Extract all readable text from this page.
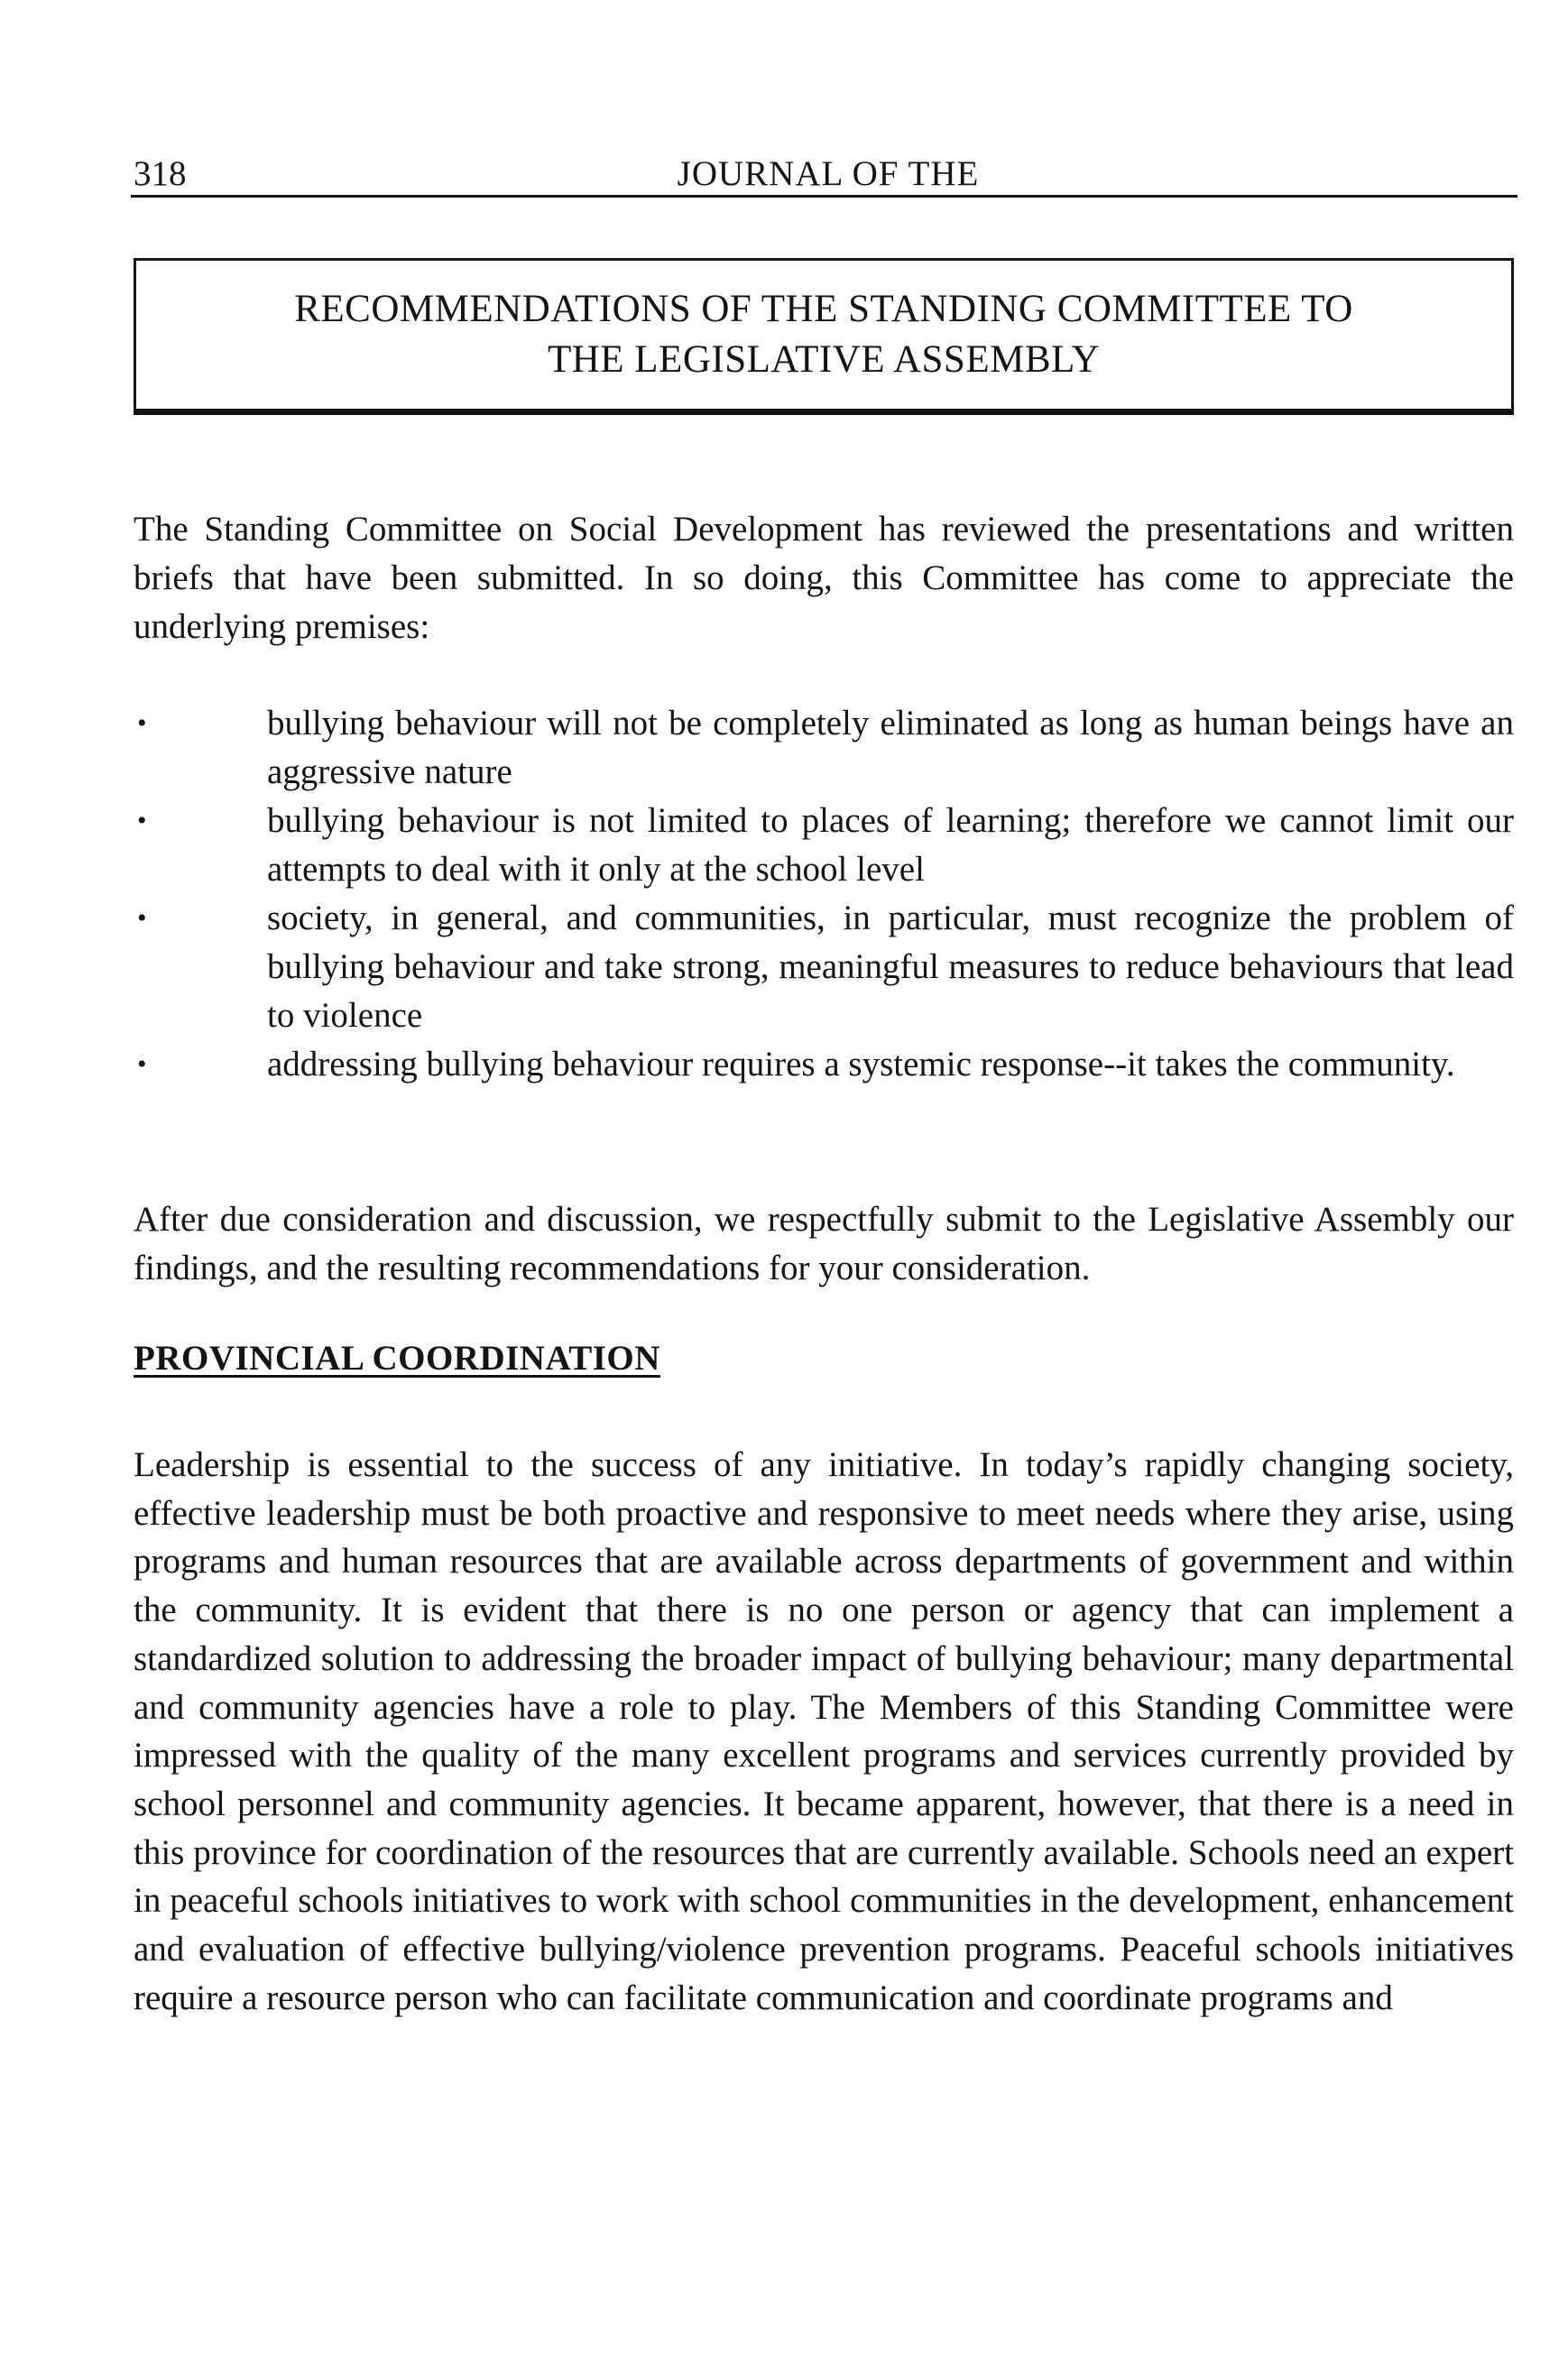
318	JOURNAL OF THE
RECOMMENDATIONS OF THE STANDING COMMITTEE TO
THE LEGISLATIVE ASSEMBLY

The Standing Committee on Social Development has reviewed the presentations and written briefs that have been submitted. In so doing, this Committee has come to appreciate the underlying premises:

•	bullying behaviour will not be completely eliminated as long as human beings have an aggressive nature
•	bullying behaviour is not limited to places of learning; therefore we cannot limit our attempts to deal with it only at the school level
•	society, in general, and communities, in particular, must recognize the problem of bullying behaviour and take strong, meaningful measures to reduce behaviours that lead to violence
•	addressing bullying behaviour requires a systemic response--it takes the community.

After due consideration and discussion, we respectfully submit to the Legislative Assembly our findings, and the resulting recommendations for your consideration.

PROVINCIAL COORDINATION

Leadership is essential to the success of any initiative. In today’s rapidly changing society, effective leadership must be both proactive and responsive to meet needs where they arise, using programs and human resources that are available across departments of government and within the community. It is evident that there is no one person or agency that can implement a standardized solution to addressing the broader impact of bullying behaviour; many departmental and community agencies have a role to play. The Members of this Standing Committee were impressed with the quality of the many excellent programs and services currently provided by school personnel and community agencies. It became apparent, however, that there is a need in this province for coordination of the resources that are currently available. Schools need an expert in peaceful schools initiatives to work with school communities in the development, enhancement and evaluation of effective bullying/violence prevention programs. Peaceful schools initiatives require a resource person who can facilitate communication and coordinate programs and
